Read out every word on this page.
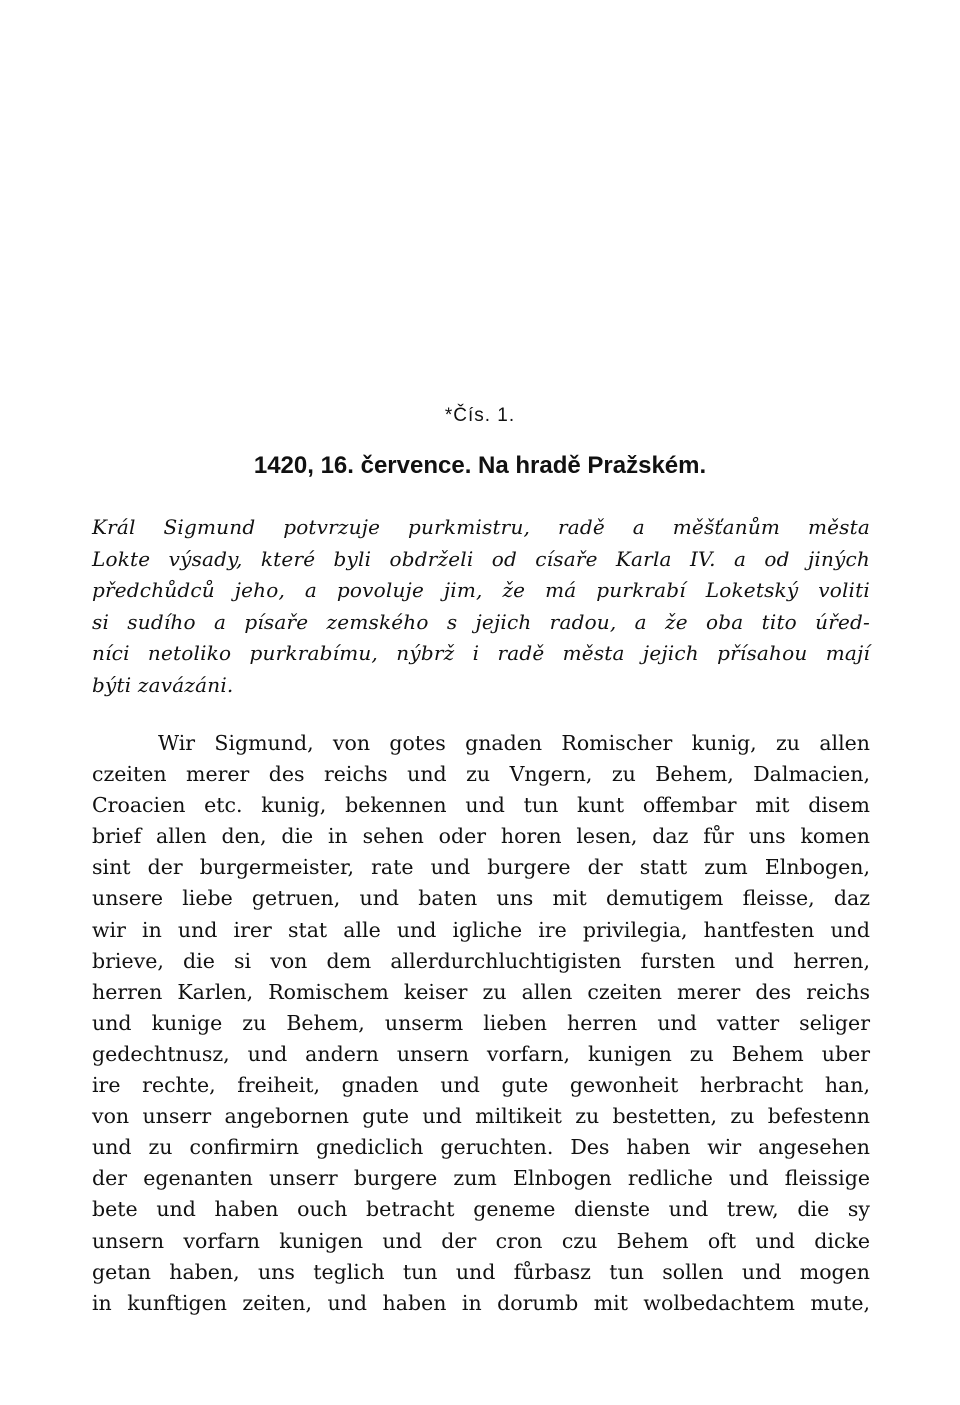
*Čís. 1.
1420, 16. července. Na hradě Pražském.
Král Sigmund potvrzuje purkmistru, radě a měšťanům města
Lokte výsady, které byli obdrželi od císaře Karla IV. a od jiných
předchůdců jeho, a povoluje jim, že má purkrabí Loketský voliti
si sudího a písaře zemského s jejich radou, a že oba tito úřed-
níci netoliko purkrabímu, nýbrž i radě města jejich přísahou mají
býti zavázáni.
Wir Sigmund, von gotes gnaden Romischer kunig, zu allen
czeiten merer des reichs und zu Vngern, zu Behem, Dalmacien,
Croacien etc. kunig, bekennen und tun kunt offembar mit disem
brief allen den, die in sehen oder horen lesen, daz fůr uns komen
sint der burgermeister, rate und burgere der statt zum Elnbogen,
unsere liebe getruen, und baten uns mit demutigem fleisse, daz
wir in und irer stat alle und igliche ire privilegia, hantfesten und
brieve, die si von dem allerdurchluchtigisten fursten und herren,
herren Karlen, Romischem keiser zu allen czeiten merer des reichs
und kunige zu Behem, unserm lieben herren und vatter seliger
gedechtnusz, und andern unsern vorfarn, kunigen zu Behem uber
ire rechte, freiheit, gnaden und gute gewonheit herbracht han,
von unserr angebornen gute und miltikeit zu bestetten, zu befestenn
und zu confirmirn gnediclich geruchten. Des haben wir angesehen
der egenanten unserr burgere zum Elnbogen redliche und fleissige
bete und haben ouch betracht geneme dienste und trew, die sy
unsern vorfarn kunigen und der cron czu Behem oft und dicke
getan haben, uns teglich tun und fůrbasz tun sollen und mogen
in kunftigen zeiten, und haben in dorumb mit wolbedachtem mute,
